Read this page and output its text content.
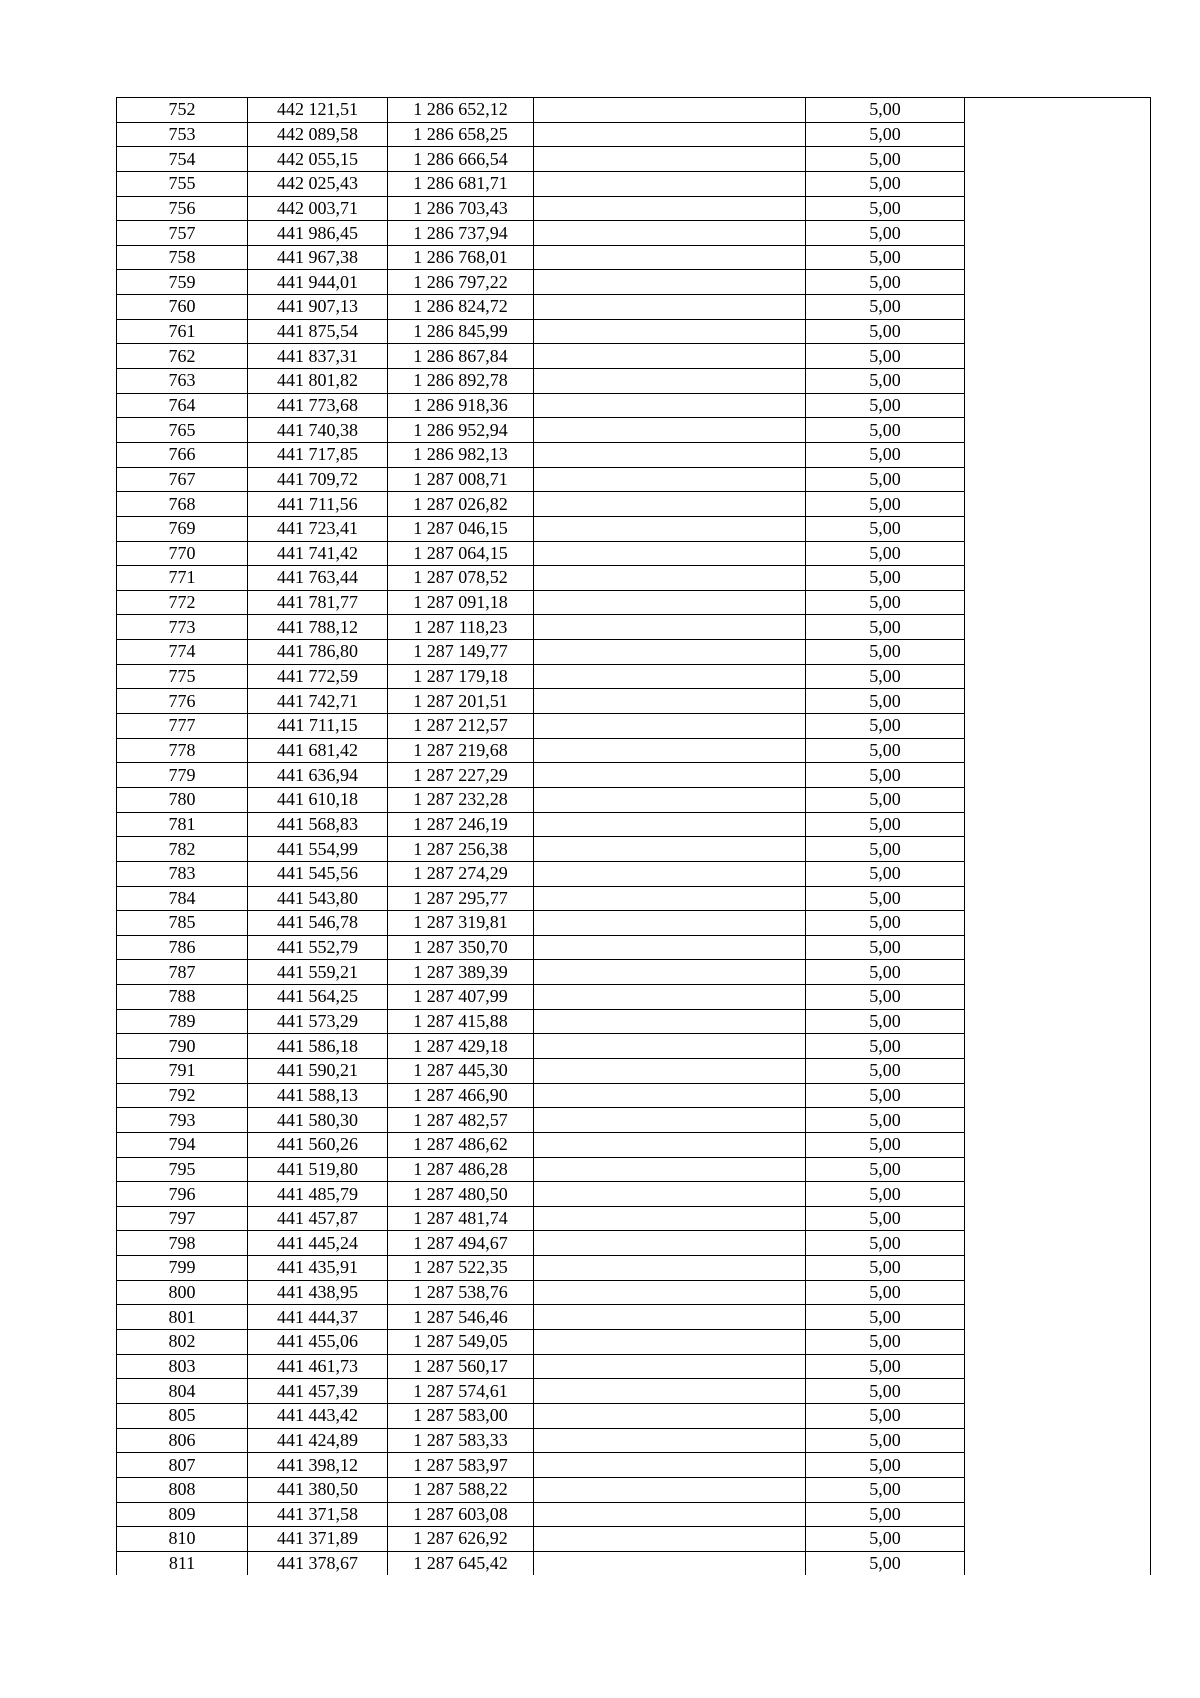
752	442 121,51	1 286 652,12		5,00	
753	442 089,58	1 286 658,25		5,00	
754	442 055,15	1 286 666,54		5,00	
755	442 025,43	1 286 681,71		5,00	
756	442 003,71	1 286 703,43		5,00	
757	441 986,45	1 286 737,94		5,00	
758	441 967,38	1 286 768,01		5,00	
759	441 944,01	1 286 797,22		5,00	
760	441 907,13	1 286 824,72		5,00	
761	441 875,54	1 286 845,99		5,00	
762	441 837,31	1 286 867,84		5,00	
763	441 801,82	1 286 892,78		5,00	
764	441 773,68	1 286 918,36		5,00	
765	441 740,38	1 286 952,94		5,00	
766	441 717,85	1 286 982,13		5,00	
767	441 709,72	1 287 008,71		5,00	
768	441 711,56	1 287 026,82		5,00	
769	441 723,41	1 287 046,15		5,00	
770	441 741,42	1 287 064,15		5,00	
771	441 763,44	1 287 078,52		5,00	
772	441 781,77	1 287 091,18		5,00	
773	441 788,12	1 287 118,23		5,00	
774	441 786,80	1 287 149,77		5,00	
775	441 772,59	1 287 179,18		5,00	
776	441 742,71	1 287 201,51		5,00	
777	441 711,15	1 287 212,57		5,00	
778	441 681,42	1 287 219,68		5,00	
779	441 636,94	1 287 227,29		5,00	
780	441 610,18	1 287 232,28		5,00	
781	441 568,83	1 287 246,19		5,00	
782	441 554,99	1 287 256,38		5,00	
783	441 545,56	1 287 274,29		5,00	
784	441 543,80	1 287 295,77		5,00	
785	441 546,78	1 287 319,81		5,00	
786	441 552,79	1 287 350,70		5,00	
787	441 559,21	1 287 389,39		5,00	
788	441 564,25	1 287 407,99		5,00	
789	441 573,29	1 287 415,88		5,00	
790	441 586,18	1 287 429,18		5,00	
791	441 590,21	1 287 445,30		5,00	
792	441 588,13	1 287 466,90		5,00	
793	441 580,30	1 287 482,57		5,00	
794	441 560,26	1 287 486,62		5,00	
795	441 519,80	1 287 486,28		5,00	
796	441 485,79	1 287 480,50		5,00	
797	441 457,87	1 287 481,74		5,00	
798	441 445,24	1 287 494,67		5,00	
799	441 435,91	1 287 522,35		5,00	
800	441 438,95	1 287 538,76		5,00	
801	441 444,37	1 287 546,46		5,00	
802	441 455,06	1 287 549,05		5,00	
803	441 461,73	1 287 560,17		5,00	
804	441 457,39	1 287 574,61		5,00	
805	441 443,42	1 287 583,00		5,00	
806	441 424,89	1 287 583,33		5,00	
807	441 398,12	1 287 583,97		5,00	
808	441 380,50	1 287 588,22		5,00	
809	441 371,58	1 287 603,08		5,00	
810	441 371,89	1 287 626,92		5,00	
811	441 378,67	1 287 645,42		5,00	
